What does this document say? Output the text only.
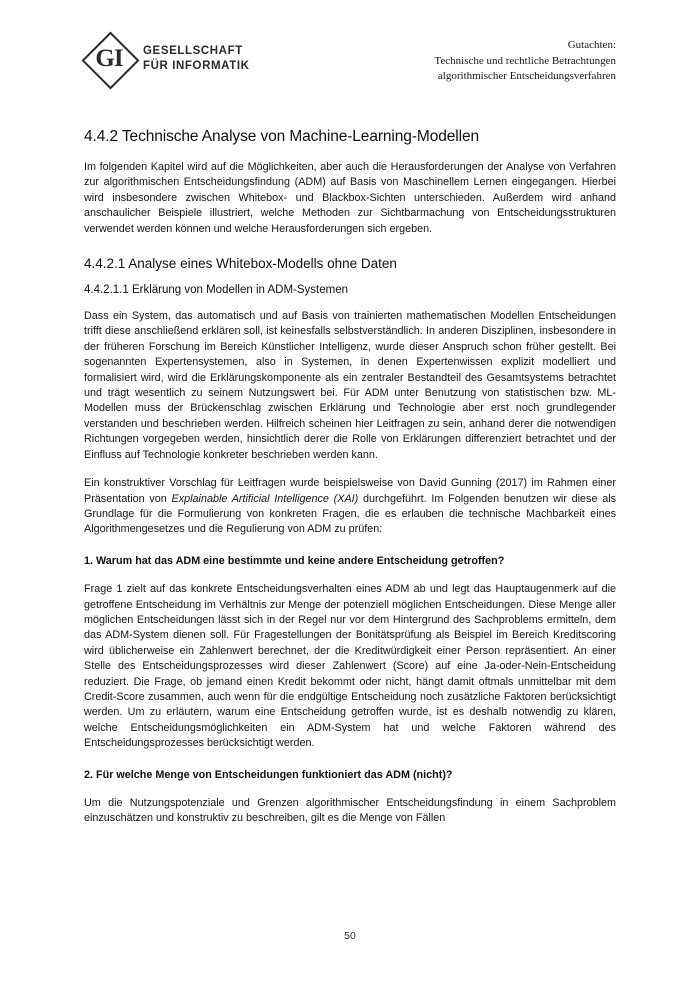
GI	GESELLSCHAFT
FÜR INFORMATIK
Gutachten:
Technische und rechtliche Betrachtungen
algorithmischer Entscheidungsverfahren
4.4.2 Technische Analyse von Machine-Learning-Modellen

Im folgenden Kapitel wird auf die Möglichkeiten, aber auch die Herausforderungen der Analyse von Verfahren zur algorithmischen Entscheidungsfindung (ADM) auf Basis von Maschinellem Lernen eingegangen. Hierbei wird insbesondere zwischen Whitebox- und Blackbox-Sichten unterschieden. Außerdem wird anhand anschaulicher Beispiele illustriert, welche Methoden zur Sichtbarmachung von Entscheidungsstrukturen verwendet werden können und welche Herausforderungen sich ergeben.

4.4.2.1 Analyse eines Whitebox-Modells ohne Daten
4.4.2.1.1 Erklärung von Modellen in ADM-Systemen

Dass ein System, das automatisch und auf Basis von trainierten mathematischen Modellen Entscheidungen trifft diese anschließend erklären soll, ist keinesfalls selbstverständlich. In anderen Disziplinen, insbesondere in der früheren Forschung im Bereich Künstlicher Intelligenz, wurde dieser Anspruch schon früher gestellt. Bei sogenannten Expertensystemen, also in Systemen, in denen Expertenwissen explizit modelliert und formalisiert wird, wird die Erklärungskomponente als ein zentraler Bestandteil des Gesamtsystems betrachtet und trägt wesentlich zu seinem Nutzungswert bei. Für ADM unter Benutzung von statistischen bzw. ML-Modellen muss der Brückenschlag zwischen Erklärung und Technologie aber erst noch grundlegender verstanden und beschrieben werden. Hilfreich scheinen hier Leitfragen zu sein, anhand derer die notwendigen Richtungen vorgegeben werden, hinsichtlich derer die Rolle von Erklärungen differenziert betrachtet und der Einfluss auf Technologie konkreter beschrieben werden kann.

Ein konstruktiver Vorschlag für Leitfragen wurde beispielsweise von David Gunning (2017) im Rahmen einer Präsentation von Explainable Artificial Intelligence (XAI) durchgeführt. Im Folgenden benutzen wir diese als Grundlage für die Formulierung von konkreten Fragen, die es erlauben die technische Machbarkeit eines Algorithmengesetzes und die Regulierung von ADM zu prüfen:

1. Warum hat das ADM eine bestimmte und keine andere Entscheidung getroffen?

Frage 1 zielt auf das konkrete Entscheidungsverhalten eines ADM ab und legt das Hauptaugenmerk auf die getroffene Entscheidung im Verhältnis zur Menge der potenziell möglichen Entscheidungen. Diese Menge aller möglichen Entscheidungen lässt sich in der Regel nur vor dem Hintergrund des Sachproblems ermitteln, dem das ADM-System dienen soll. Für Fragestellungen der Bonitätsprüfung als Beispiel im Bereich Kreditscoring wird üblicherweise ein Zahlenwert berechnet, der die Kreditwürdigkeit einer Person repräsentiert. An einer Stelle des Entscheidungsprozesses wird dieser Zahlenwert (Score) auf eine Ja-oder-Nein-Entscheidung reduziert. Die Frage, ob jemand einen Kredit bekommt oder nicht, hängt damit oftmals unmittelbar mit dem Credit-Score zusammen, auch wenn für die endgültige Entscheidung noch zusätzliche Faktoren berücksichtigt werden. Um zu erläutern, warum eine Entscheidung getroffen wurde, ist es deshalb notwendig zu klären, welche Entscheidungsmöglichkeiten ein ADM-System hat und welche Faktoren während des Entscheidungsprozesses berücksichtigt werden.

2. Für welche Menge von Entscheidungen funktioniert das ADM (nicht)?

Um die Nutzungspotenziale und Grenzen algorithmischer Entscheidungsfindung in einem Sachproblem einzuschätzen und konstruktiv zu beschreiben, gilt es die Menge von Fällen

50
